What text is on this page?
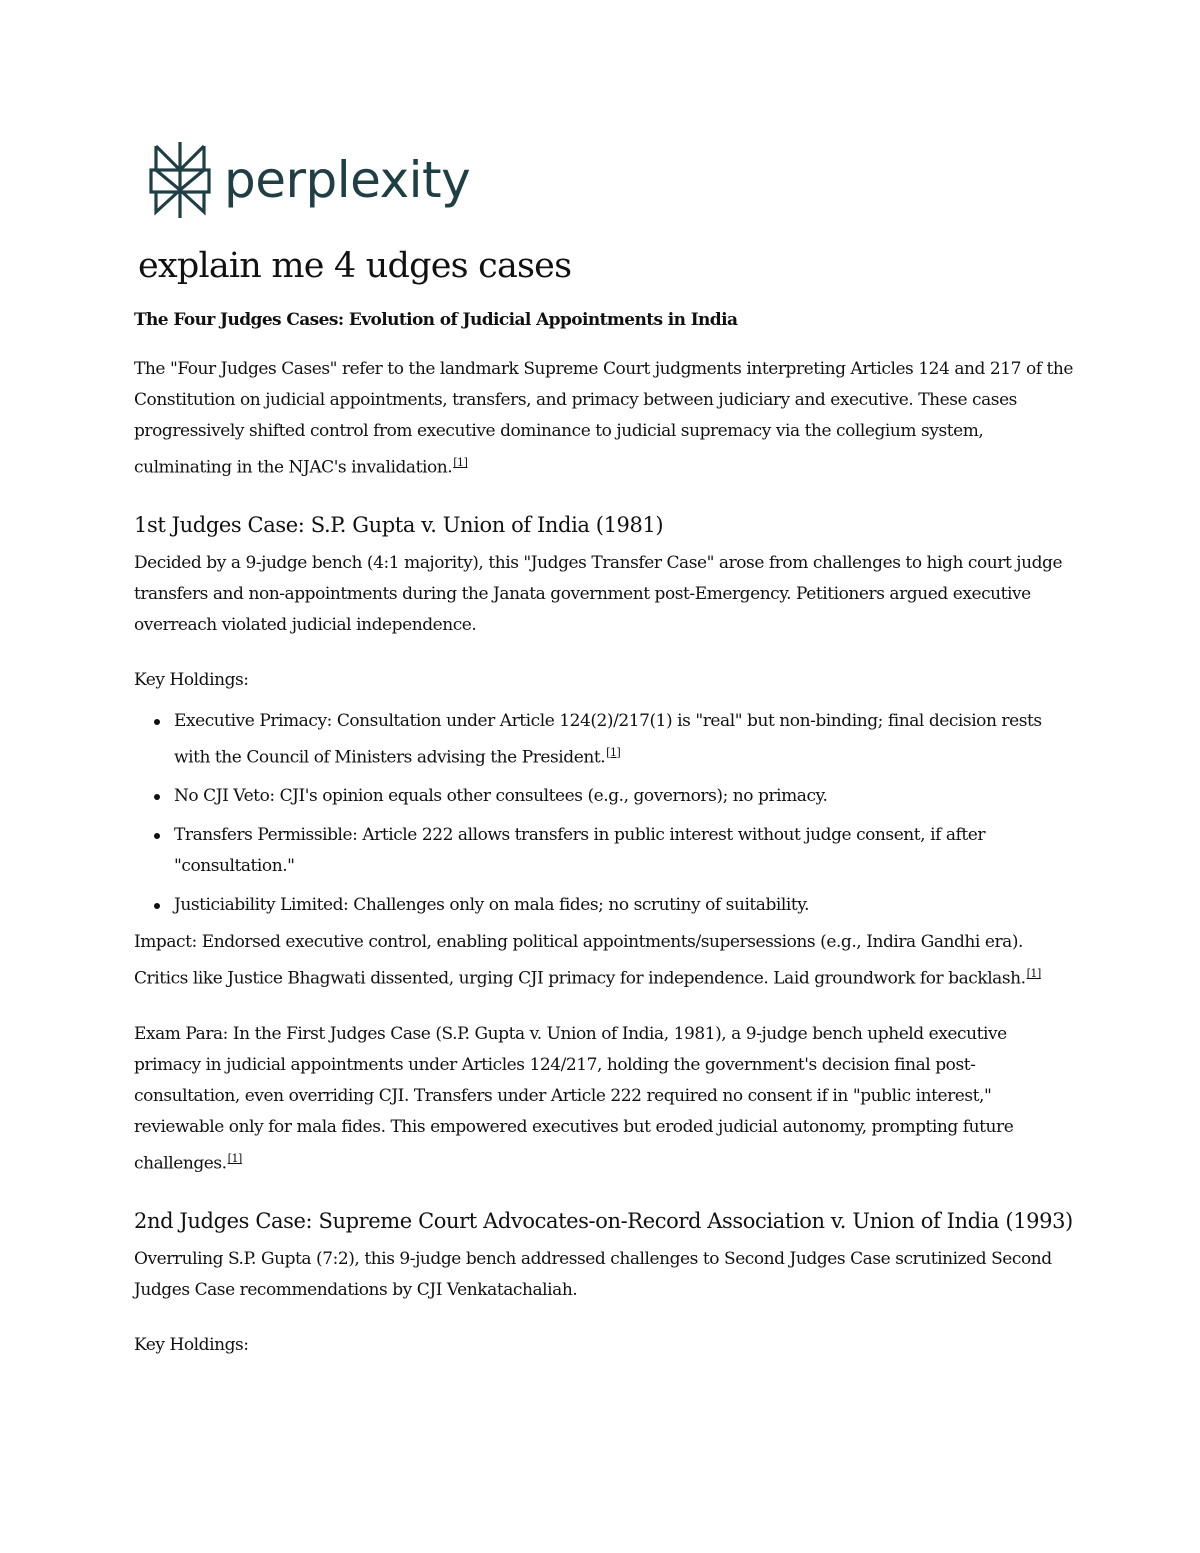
perplexity
explain me 4 udges cases
The Four Judges Cases: Evolution of Judicial Appointments in India

The "Four Judges Cases" refer to the landmark Supreme Court judgments interpreting Articles 124 and 217 of the Constitution on judicial appointments, transfers, and primacy between judiciary and executive. These cases progressively shifted control from executive dominance to judicial supremacy via the collegium system, culminating in the NJAC's invalidation.[1]

1st Judges Case: S.P. Gupta v. Union of India (1981)

Decided by a 9-judge bench (4:1 majority), this "Judges Transfer Case" arose from challenges to high court judge transfers and non-appointments during the Janata government post-Emergency. Petitioners argued executive overreach violated judicial independence.

Key Holdings:

Executive Primacy: Consultation under Article 124(2)/217(1) is "real" but non-binding; final decision rests with the Council of Ministers advising the President.[1]
No CJI Veto: CJI's opinion equals other consultees (e.g., governors); no primacy.
Transfers Permissible: Article 222 allows transfers in public interest without judge consent, if after "consultation."
Justiciability Limited: Challenges only on mala fides; no scrutiny of suitability.

Impact: Endorsed executive control, enabling political appointments/supersessions (e.g., Indira Gandhi era). Critics like Justice Bhagwati dissented, urging CJI primacy for independence. Laid groundwork for backlash.[1]

Exam Para: In the First Judges Case (S.P. Gupta v. Union of India, 1981), a 9-judge bench upheld executive primacy in judicial appointments under Articles 124/217, holding the government's decision final post-consultation, even overriding CJI. Transfers under Article 222 required no consent if in "public interest," reviewable only for mala fides. This empowered executives but eroded judicial autonomy, prompting future challenges.[1]

2nd Judges Case: Supreme Court Advocates-on-Record Association v. Union of India (1993)

Overruling S.P. Gupta (7:2), this 9-judge bench addressed challenges to Second Judges Case scrutinized Second Judges Case recommendations by CJI Venkatachaliah.

Key Holdings:
